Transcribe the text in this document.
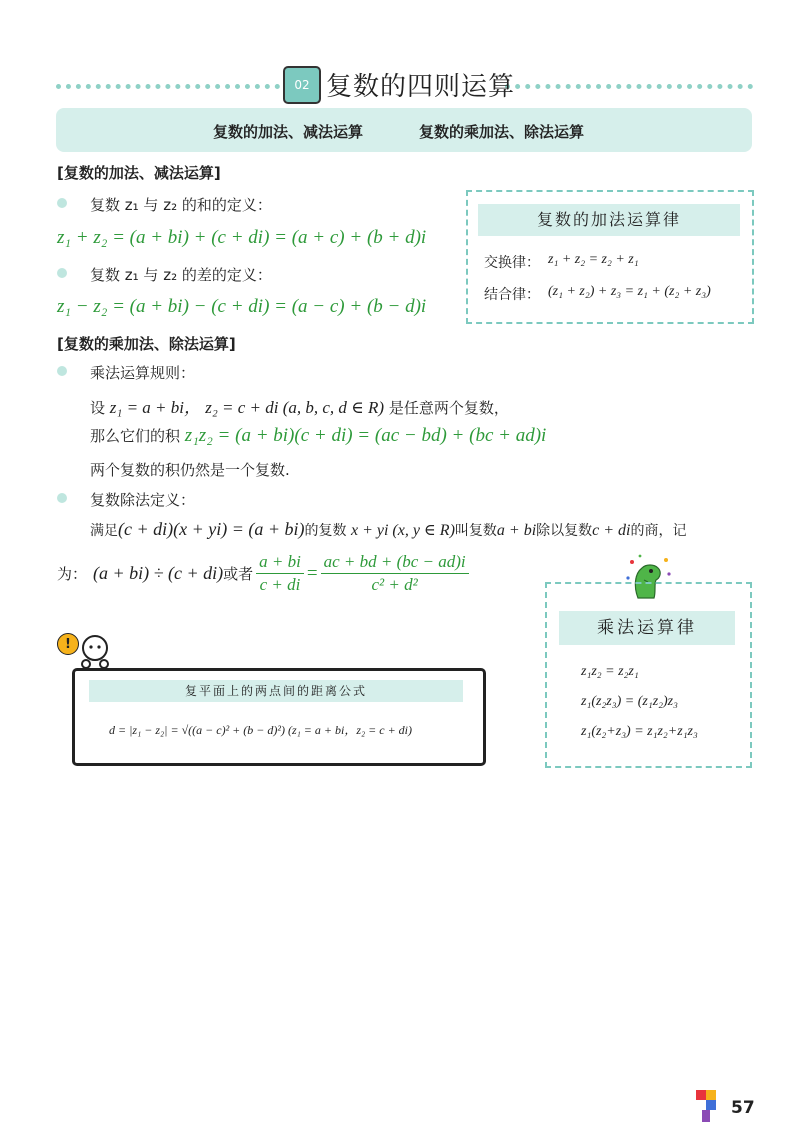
02 复数的四则运算
复数的加法、减法运算	复数的乘加法、除法运算
[复数的加法、减法运算]
复数 z₁ 与 z₂ 的和的定义：
z₁ + z₂ = (a + bi) + (c + di) = (a + c) + (b + d)i
复数 z₁ 与 z₂ 的差的定义：
z₁ − z₂ = (a + bi) − (c + di) = (a − c) + (b − d)i
复数的加法运算律
交换律： z₁ + z₂ = z₂ + z₁
结合律： (z₁ + z₂) + z₃ = z₁ + (z₂ + z₃)
[复数的乘加法、除法运算]
乘法运算规则：
设 z₁ = a + bi， z₂ = c + di (a, b, c, d ∈ R) 是任意两个复数，
那么它们的积 z₁z₂ = (a + bi)(c + di) = (ac − bd) + (bc + ad)i
两个复数的积仍然是一个复数.
复数除法定义：
满足(c + di)(x + yi) = (a + bi)的复数 x + yi (x, y ∈ R)叫复数a + bi除以复数c + di的商，记
为： (a + bi) ÷ (c + di) 或者 $\frac{a + bi}{c + di} = \frac{ac + bd + (bc - ad)i}{\text{c² + d²}}$
乘法运算律
z₁z₂ = z₂z₁
z₁(z₂z₃) = (z₁z₂)z₃
z₁(z₂+z₃) = z₁z₂+z₁z₃
!
复平面上的两点间的距离公式
d = |z₁ − z₂| = √((a − c)² + (b − d)²) (z₁ = a + bi，z₂ = c + di)
57
